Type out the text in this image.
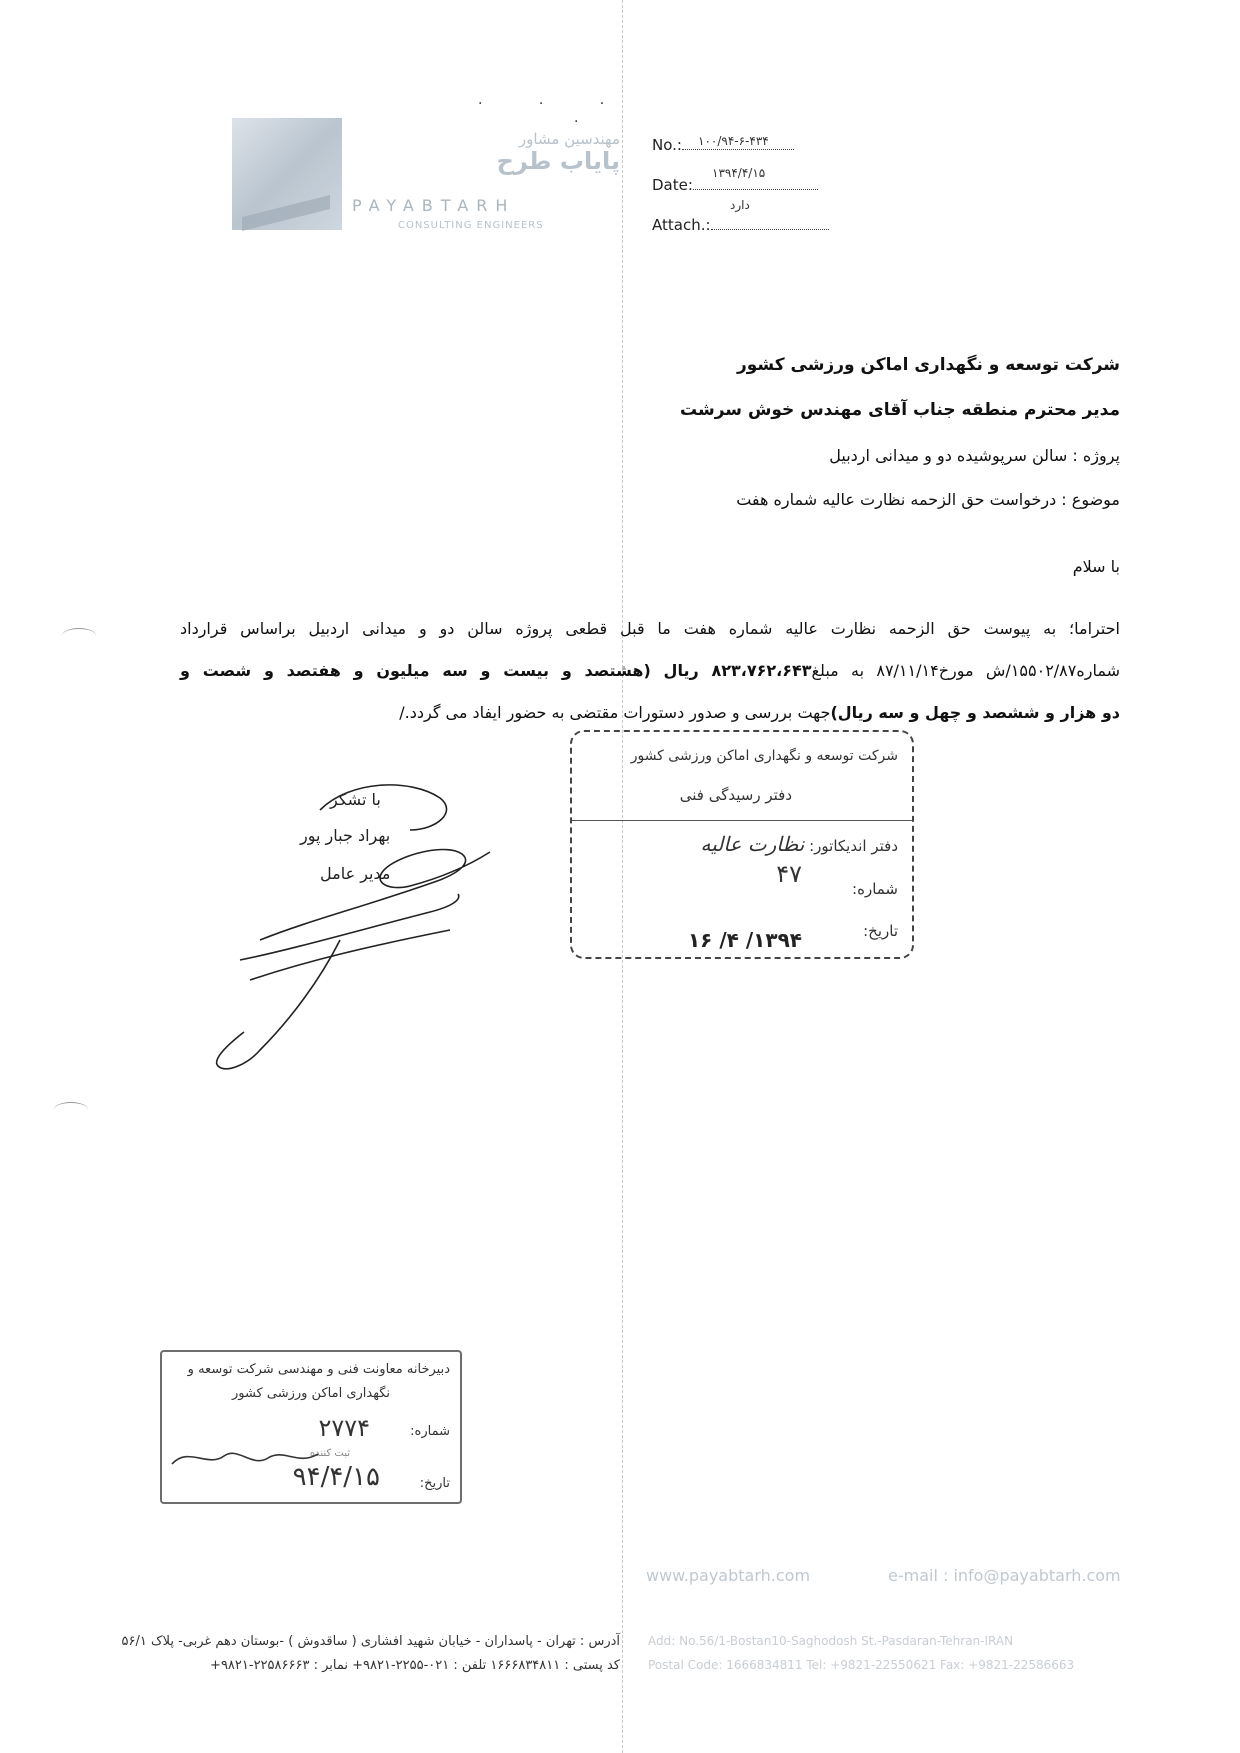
. . .
.
مهندسین مشاور
پایاب طرح
PAYABTARH
CONSULTING ENGINEERS
No.:	۱۰۰/۹۴-۶-۴۳۴
Date:
۱۳۹۴/۴/۱۵
دارد
Attach.:
شرکت توسعه و نگهداری اماکن ورزشی کشور
مدیر محترم منطقه جناب آقای مهندس خوش سرشت
پروژه : سالن سرپوشیده دو و میدانی اردبیل
موضوع : درخواست حق الزحمه نظارت عالیه شماره هفت
با سلام
احتراما؛ به پیوست حق الزحمه نظارت عالیه شماره هفت ما قبل قطعی پروژه سالن دو و میدانی اردبیل براساس قرارداد
شماره۱۵۵۰۲/۸۷/ش مورخ۸۷/۱۱/۱۴ به مبلغ۸۲۳،۷۶۲،۶۴۳ ریال (هشتصد و بیست و سه میلیون و هفتصد و شصت و
دو هزار و ششصد و چهل و سه ریال)جهت بررسی و صدور دستورات مقتضی به حضور ایفاد می گردد./
شرکت توسعه و نگهداری اماکن ورزشی کشور
دفتر رسیدگی فنی
دفتر اندیکاتور: نظارت عالیه
شماره:
۴۷
تاریخ:
۱۳۹۴/ ۴/ ۱۶
با تشکر
بهراد جبار پور
مدیر عامل
دبیرخانه معاونت فنی و مهندسی شرکت توسعه و
نگهداری اماکن ورزشی کشور
شماره:
۲۷۷۴
ثبت کننده
تاریخ:
۹۴/۴/۱۵
www.payabtarh.com	e-mail : info@payabtarh.com
آدرس : تهران - پاسداران - خیابان شهید افشاری ( ساقدوش ) -بوستان دهم غربی- پلاک ۵۶/۱
کد پستی : ۱۶۶۶۸۳۴۸۱۱ تلفن : ۰۲۱-۲۲۵۵-۹۸۲۱+ نمابر : ۲۲۵۸۶۶۶۳-۹۸۲۱+
Add: No.56/1-Bostan10-Saghodosh St.-Pasdaran-Tehran-IRAN
Postal Code: 1666834811 Tel: +9821-22550621 Fax: +9821-22586663
